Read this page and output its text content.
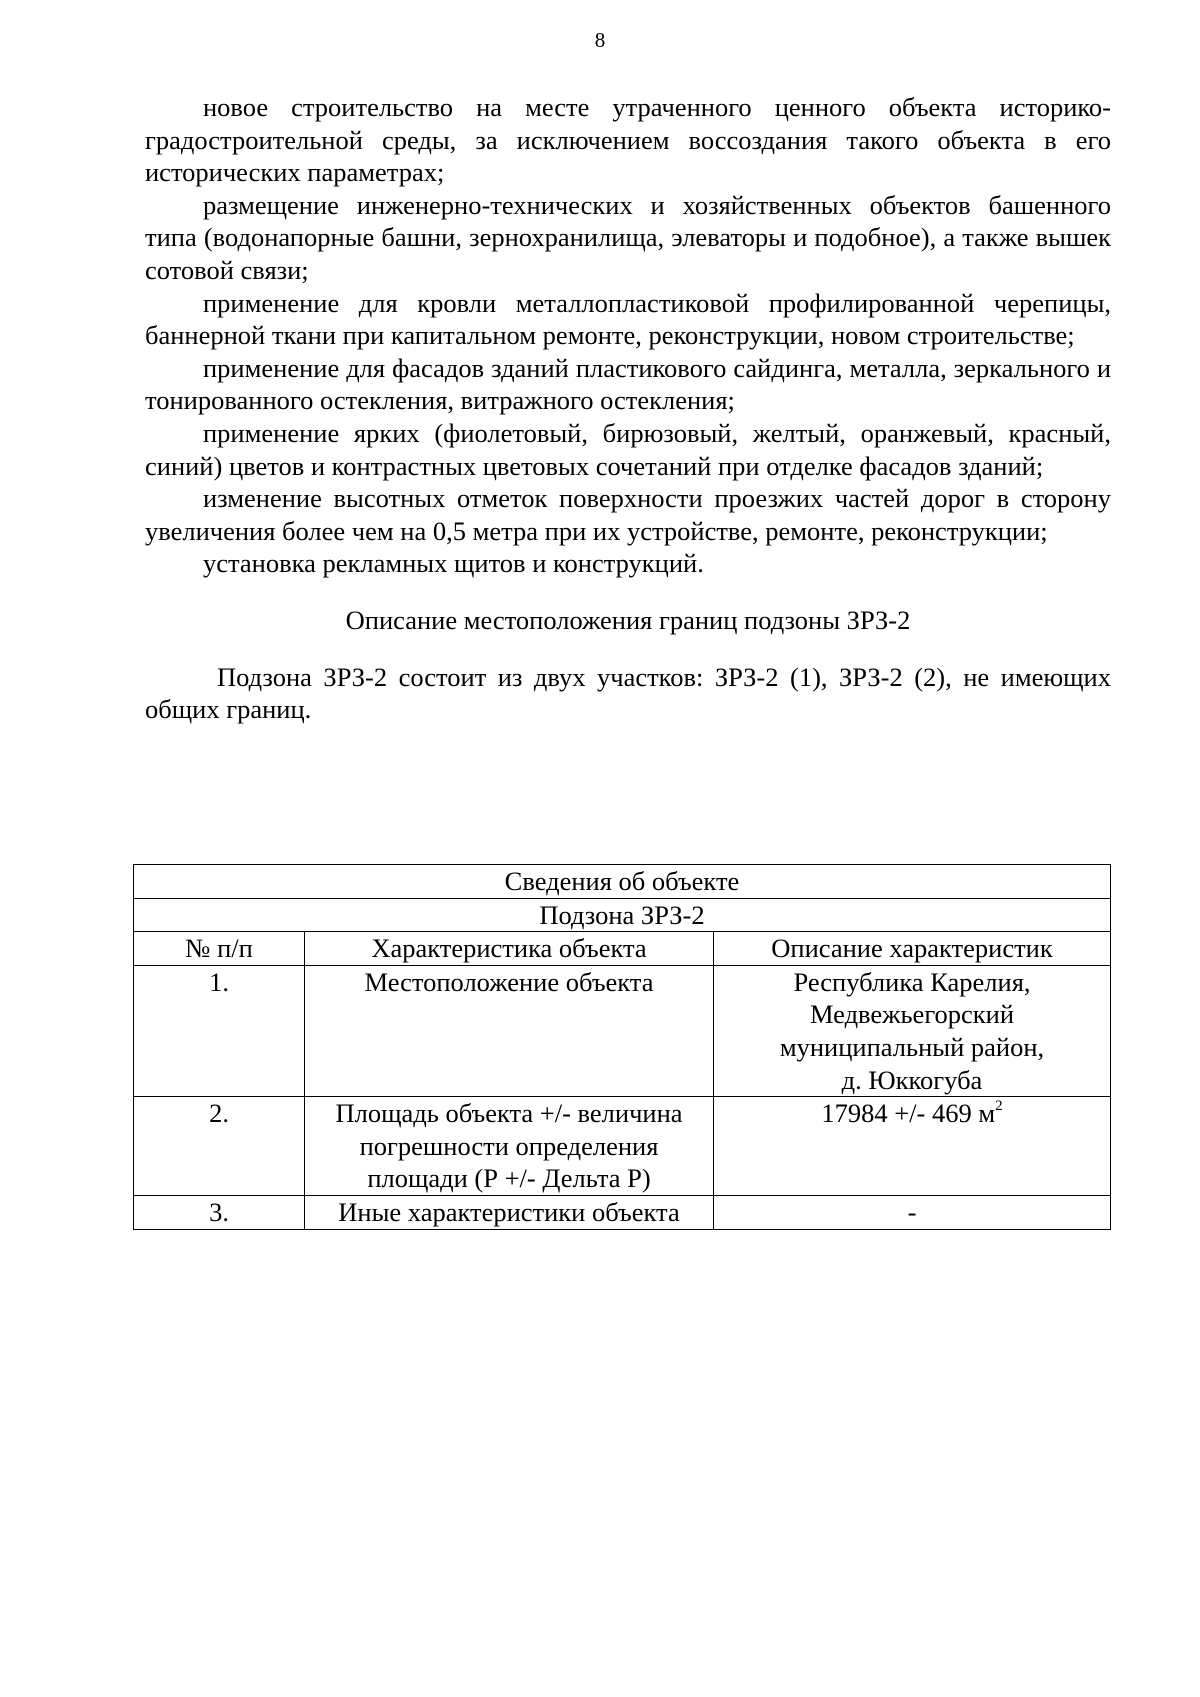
8

новое строительство на месте утраченного ценного объекта историко-градостроительной среды, за исключением воссоздания такого объекта в его исторических параметрах;

размещение инженерно-технических и хозяйственных объектов башенного типа (водонапорные башни, зернохранилища, элеваторы и подобное), а также вышек сотовой связи;

применение для кровли металлопластиковой профилированной черепицы, баннерной ткани при капитальном ремонте, реконструкции, новом строительстве;

применение для фасадов зданий пластикового сайдинга, металла, зеркального и тонированного остекления, витражного остекления;

применение ярких (фиолетовый, бирюзовый, желтый, оранжевый, красный, синий) цветов и контрастных цветовых сочетаний при отделке фасадов зданий;

изменение высотных отметок поверхности проезжих частей дорог в сторону увеличения более чем на 0,5 метра при их устройстве, ремонте, реконструкции;

установка рекламных щитов и конструкций.

Описание местоположения границ подзоны ЗРЗ-2

Подзона ЗРЗ-2 состоит из двух участков: ЗРЗ-2 (1), ЗРЗ-2 (2), не имеющих общих границ.

Сведения об объекте		
Подзона ЗРЗ-2		
№ п/п	Характеристика объекта	Описание характеристик
1.	Местоположение объекта	Республика Карелия, Медвежьегорский муниципальный район, д. Юккогуба
2.	Площадь объекта +/- величина погрешности определения площади (Р +/- Дельта Р)	17984 +/- 469 $м^2$
3.	Иные характеристики объекта	-
